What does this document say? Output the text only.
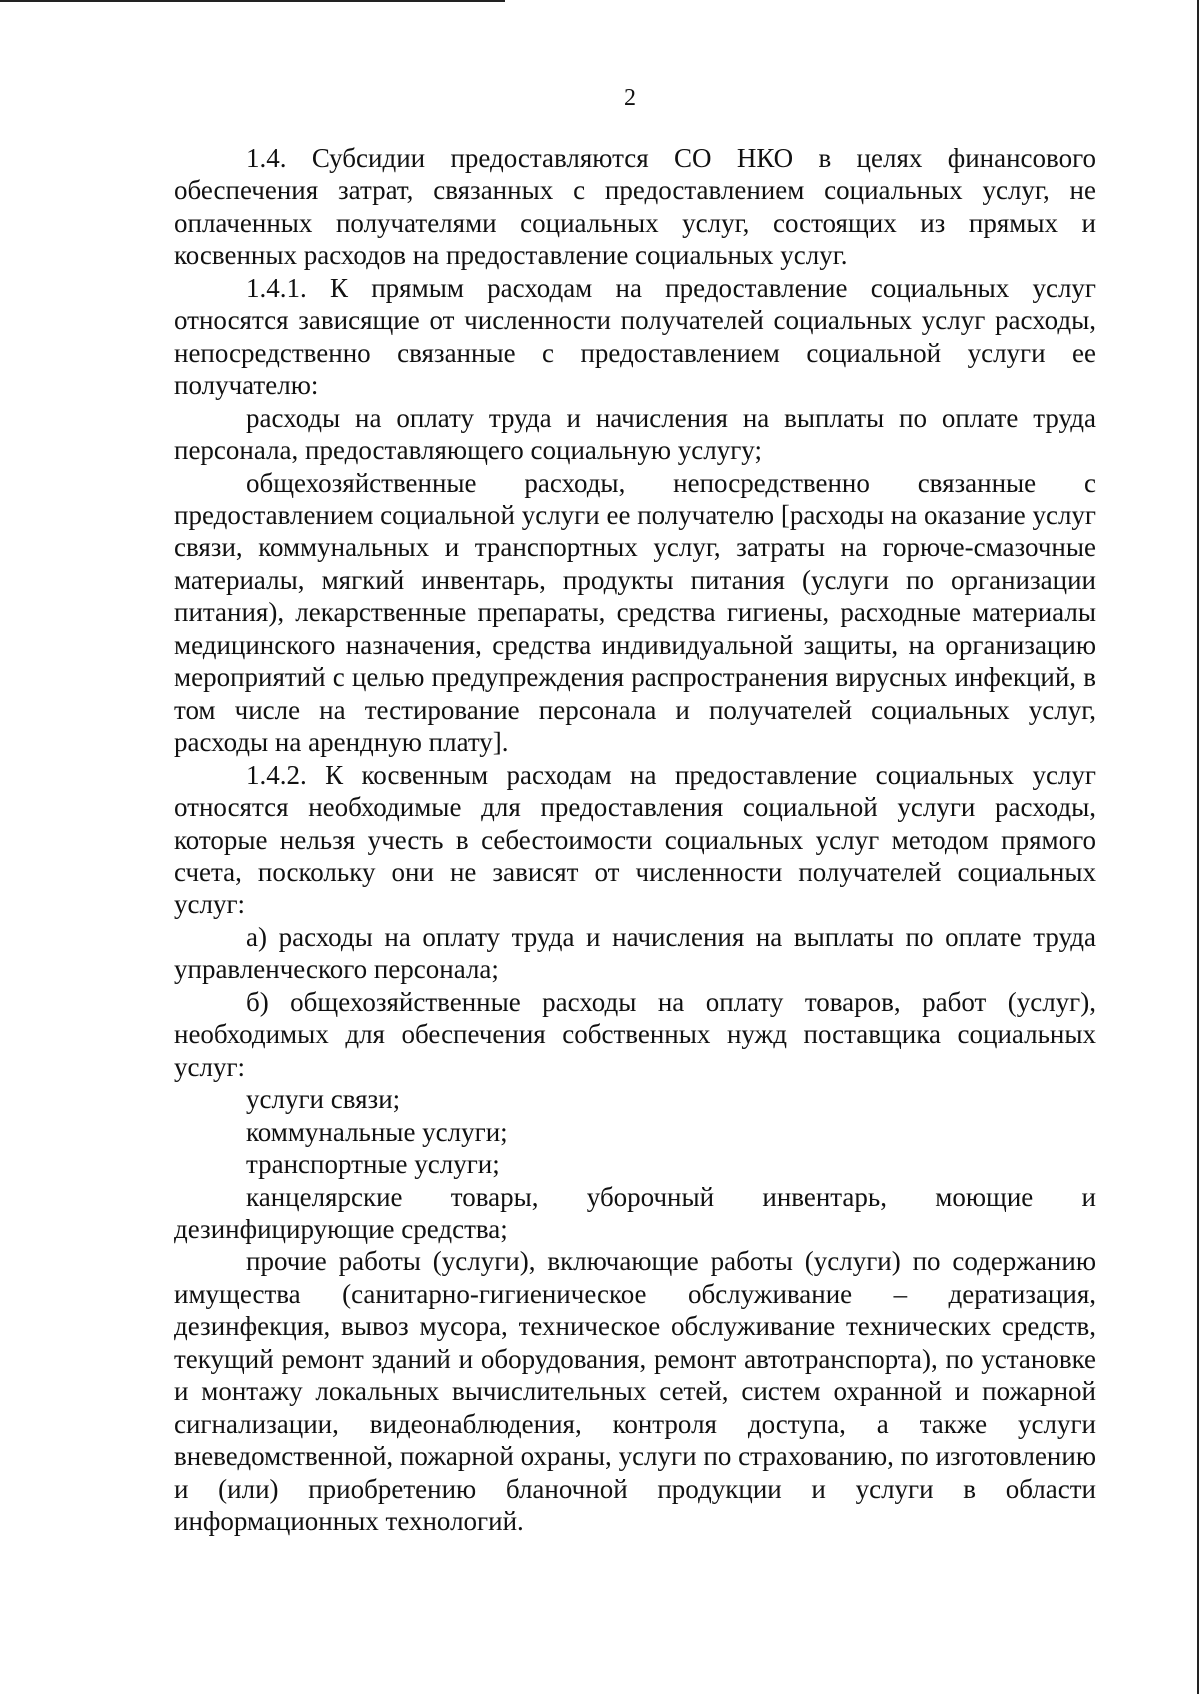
2

1.4. Субсидии предоставляются СО НКО в целях финансового обеспечения затрат, связанных с предоставлением социальных услуг, не оплаченных получателями социальных услуг, состоящих из прямых и косвенных расходов на предоставление социальных услуг.

1.4.1. К прямым расходам на предоставление социальных услуг относятся зависящие от численности получателей социальных услуг расходы, непосредственно связанные с предоставлением социальной услуги ее получателю:

расходы на оплату труда и начисления на выплаты по оплате труда персонала, предоставляющего социальную услугу;

общехозяйственные расходы, непосредственно связанные с предоставлением социальной услуги ее получателю [расходы на оказание услуг связи, коммунальных и транспортных услуг, затраты на горюче-смазочные материалы, мягкий инвентарь, продукты питания (услуги по организации питания), лекарственные препараты, средства гигиены, расходные материалы медицинского назначения, средства индивидуальной защиты, на организацию мероприятий с целью предупреждения распространения вирусных инфекций, в том числе на тестирование персонала и получателей социальных услуг, расходы на арендную плату].

1.4.2. К косвенным расходам на предоставление социальных услуг относятся необходимые для предоставления социальной услуги расходы, которые нельзя учесть в себестоимости социальных услуг методом прямого счета, поскольку они не зависят от численности получателей социальных услуг:

а) расходы на оплату труда и начисления на выплаты по оплате труда управленческого персонала;

б) общехозяйственные расходы на оплату товаров, работ (услуг), необходимых для обеспечения собственных нужд поставщика социальных услуг:

услуги связи;

коммунальные услуги;

транспортные услуги;

канцелярские товары, уборочный инвентарь, моющие и дезинфицирующие средства;

прочие работы (услуги), включающие работы (услуги) по содержанию имущества (санитарно-гигиеническое обслуживание – дератизация, дезинфекция, вывоз мусора, техническое обслуживание технических средств, текущий ремонт зданий и оборудования, ремонт автотранспорта), по установке и монтажу локальных вычислительных сетей, систем охранной и пожарной сигнализации, видеонаблюдения, контроля доступа, а также услуги вневедомственной, пожарной охраны, услуги по страхованию, по изготовлению и (или) приобретению бланочной продукции и услуги в области информационных технологий.
